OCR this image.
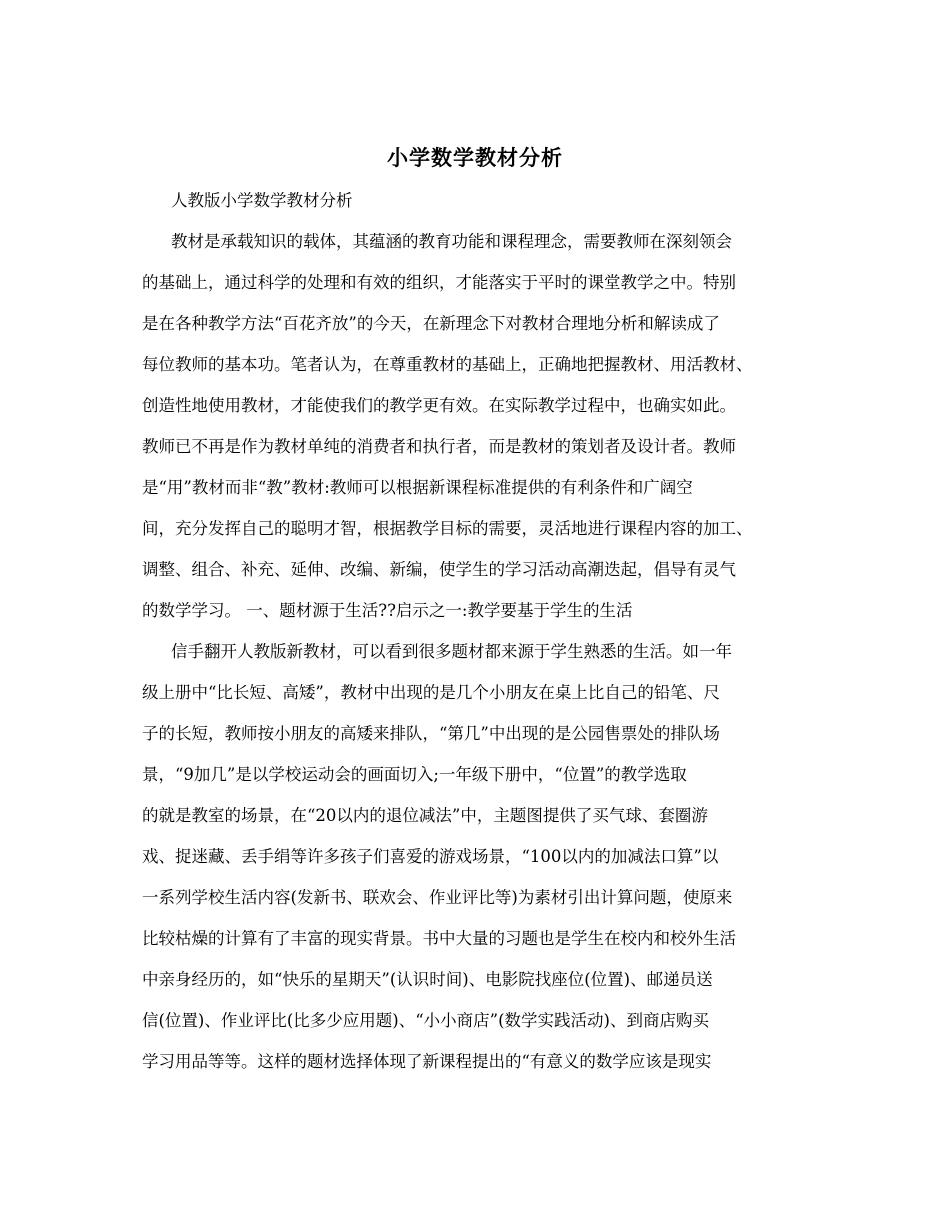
小学数学教材分析
人教版小学数学教材分析
教材是承载知识的载体，其蕴涵的教育功能和课程理念，需要教师在深刻领会
的基础上，通过科学的处理和有效的组织，才能落实于平时的课堂教学之中。特别
是在各种教学方法“百花齐放”的今天，在新理念下对教材合理地分析和解读成了
每位教师的基本功。笔者认为，在尊重教材的基础上，正确地把握教材、用活教材、
创造性地使用教材，才能使我们的教学更有效。在实际教学过程中，也确实如此。
教师已不再是作为教材单纯的消费者和执行者，而是教材的策划者及设计者。教师
是“用”教材而非“教”教材:教师可以根据新课程标准提供的有利条件和广阔空
间，充分发挥自己的聪明才智，根据教学目标的需要，灵活地进行课程内容的加工、
调整、组合、补充、延伸、改编、新编，使学生的学习活动高潮迭起，倡导有灵气
的数学学习。 一、题材源于生活??启示之一:教学要基于学生的生活
信手翻开人教版新教材，可以看到很多题材都来源于学生熟悉的生活。如一年
级上册中“比长短、高矮”，教材中出现的是几个小朋友在桌上比自己的铅笔、尺
子的长短，教师按小朋友的高矮来排队，“第几”中出现的是公园售票处的排队场
景，“9加几”是以学校运动会的画面切入;一年级下册中，“位置”的教学选取
的就是教室的场景，在“20以内的退位减法”中，主题图提供了买气球、套圈游
戏、捉迷藏、丢手绢等许多孩子们喜爱的游戏场景，“100以内的加减法口算”以
一系列学校生活内容(发新书、联欢会、作业评比等)为素材引出计算问题，使原来
比较枯燥的计算有了丰富的现实背景。书中大量的习题也是学生在校内和校外生活
中亲身经历的，如“快乐的星期天”(认识时间)、电影院找座位(位置)、邮递员送
信(位置)、作业评比(比多少应用题)、“小小商店”(数学实践活动)、到商店购买
学习用品等等。这样的题材选择体现了新课程提出的“有意义的数学应该是现实
